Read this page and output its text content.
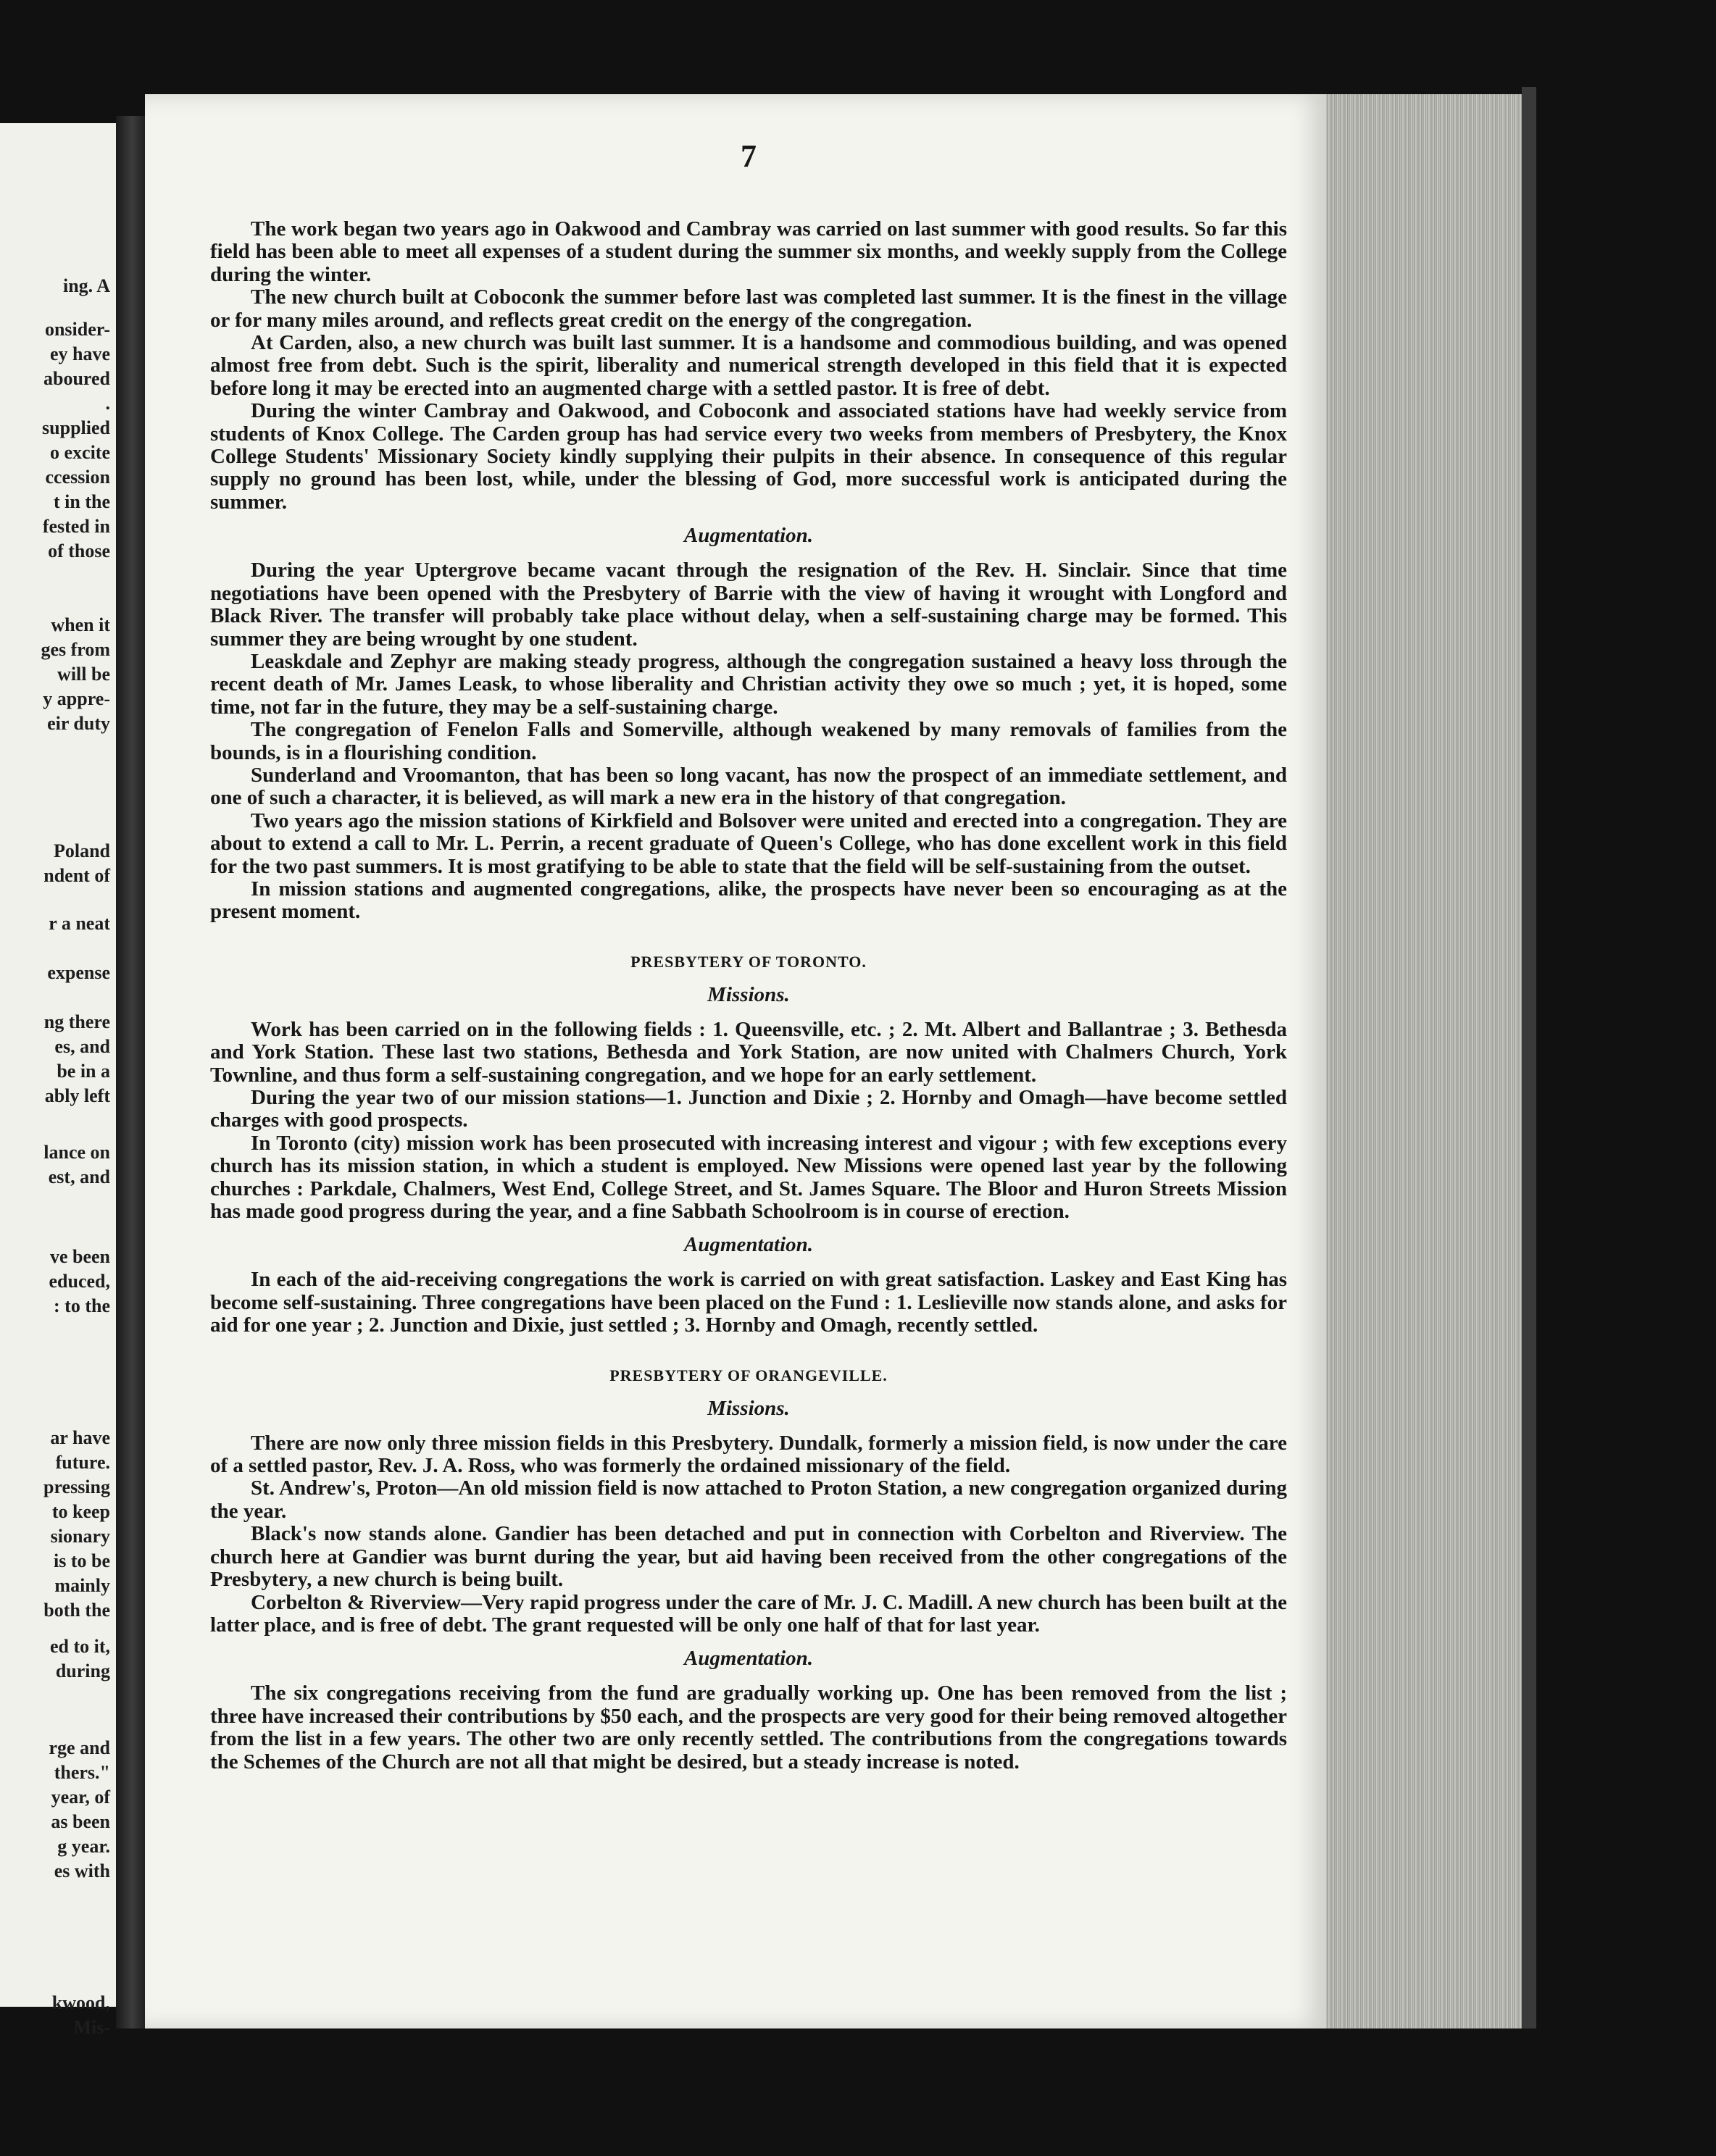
ing. A
onsider-
ey have
aboured
.
supplied
o excite
ccession
t in the
fested in
of those
when it
ges from
will be
y appre-
eir duty
Poland
ndent of
r a neat
expense
ng there
es, and
be in a
ably left
lance on
est, and
ve been
educed,
: to the
ar have
future.
pressing
to keep
sionary
is to be
mainly
both the
ed to it,
during
rge and
thers."
year, of
as been
g year.
es with
kwood,
Mis-
7

The work began two years ago in Oakwood and Cambray was carried on last summer with good results. So far this field has been able to meet all expenses of a student during the summer six months, and weekly supply from the College during the winter.

The new church built at Coboconk the summer before last was completed last summer. It is the finest in the village or for many miles around, and reflects great credit on the energy of the congregation.

At Carden, also, a new church was built last summer. It is a handsome and commodious building, and was opened almost free from debt. Such is the spirit, liberality and numerical strength developed in this field that it is expected before long it may be erected into an augmented charge with a settled pastor. It is free of debt.

During the winter Cambray and Oakwood, and Coboconk and associated stations have had weekly service from students of Knox College. The Carden group has had service every two weeks from members of Presbytery, the Knox College Students' Missionary Society kindly supplying their pulpits in their absence. In consequence of this regular supply no ground has been lost, while, under the blessing of God, more successful work is anticipated during the summer.

Augmentation.

During the year Uptergrove became vacant through the resignation of the Rev. H. Sinclair. Since that time negotiations have been opened with the Presbytery of Barrie with the view of having it wrought with Longford and Black River. The transfer will probably take place without delay, when a self-sustaining charge may be formed. This summer they are being wrought by one student.

Leaskdale and Zephyr are making steady progress, although the congregation sustained a heavy loss through the recent death of Mr. James Leask, to whose liberality and Christian activity they owe so much ; yet, it is hoped, some time, not far in the future, they may be a self-sustaining charge.

The congregation of Fenelon Falls and Somerville, although weakened by many removals of families from the bounds, is in a flourishing condition.

Sunderland and Vroomanton, that has been so long vacant, has now the prospect of an immediate settlement, and one of such a character, it is believed, as will mark a new era in the history of that congregation.

Two years ago the mission stations of Kirkfield and Bolsover were united and erected into a congregation. They are about to extend a call to Mr. L. Perrin, a recent graduate of Queen's College, who has done excellent work in this field for the two past summers. It is most gratifying to be able to state that the field will be self-sustaining from the outset.

In mission stations and augmented congregations, alike, the prospects have never been so encouraging as at the present moment.

PRESBYTERY OF TORONTO.
Missions.

Work has been carried on in the following fields : 1. Queensville, etc. ; 2. Mt. Albert and Ballantrae ; 3. Bethesda and York Station. These last two stations, Bethesda and York Station, are now united with Chalmers Church, York Townline, and thus form a self-sustaining congregation, and we hope for an early settlement.

During the year two of our mission stations—1. Junction and Dixie ; 2. Hornby and Omagh—have become settled charges with good prospects.

In Toronto (city) mission work has been prosecuted with increasing interest and vigour ; with few exceptions every church has its mission station, in which a student is employed. New Missions were opened last year by the following churches : Parkdale, Chalmers, West End, College Street, and St. James Square. The Bloor and Huron Streets Mission has made good progress during the year, and a fine Sabbath Schoolroom is in course of erection.

Augmentation.

In each of the aid-receiving congregations the work is carried on with great satisfaction. Laskey and East King has become self-sustaining. Three congregations have been placed on the Fund : 1. Leslieville now stands alone, and asks for aid for one year ; 2. Junction and Dixie, just settled ; 3. Hornby and Omagh, recently settled.

PRESBYTERY OF ORANGEVILLE.
Missions.

There are now only three mission fields in this Presbytery. Dundalk, formerly a mission field, is now under the care of a settled pastor, Rev. J. A. Ross, who was formerly the ordained missionary of the field.

St. Andrew's, Proton—An old mission field is now attached to Proton Station, a new congregation organized during the year.

Black's now stands alone. Gandier has been detached and put in connection with Corbelton and Riverview. The church here at Gandier was burnt during the year, but aid having been received from the other congregations of the Presbytery, a new church is being built.

Corbelton & Riverview—Very rapid progress under the care of Mr. J. C. Madill. A new church has been built at the latter place, and is free of debt. The grant requested will be only one half of that for last year.

Augmentation.

The six congregations receiving from the fund are gradually working up. One has been removed from the list ; three have increased their contributions by $50 each, and the prospects are very good for their being removed altogether from the list in a few years. The other two are only recently settled. The contributions from the congregations towards the Schemes of the Church are not all that might be desired, but a steady increase is noted.
